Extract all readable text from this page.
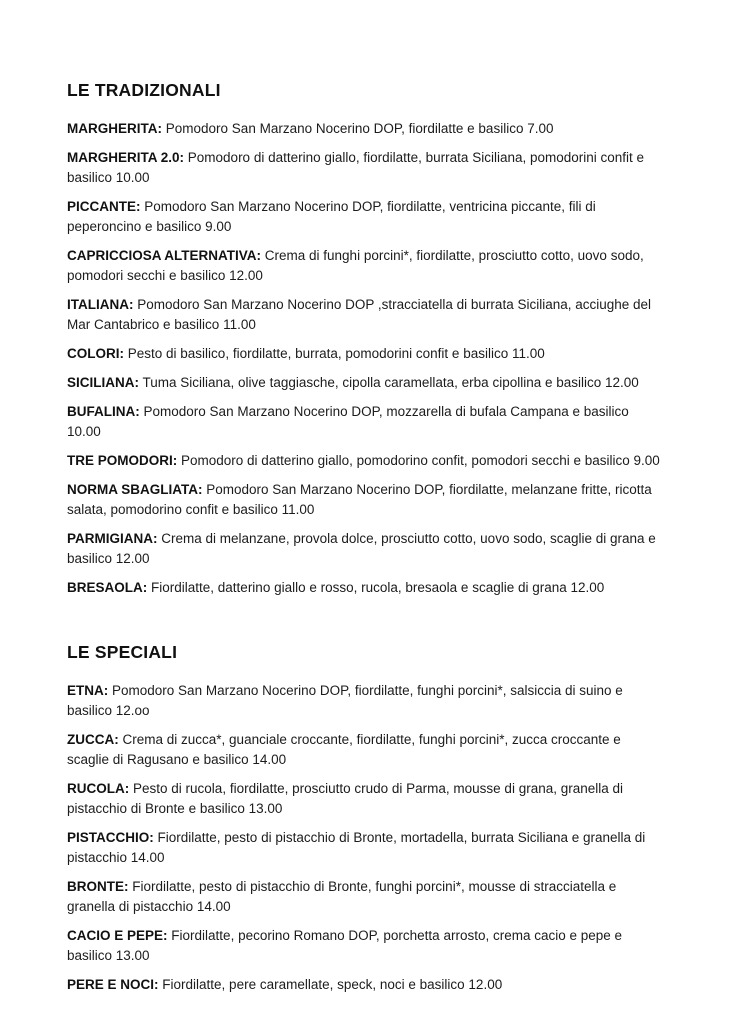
LE TRADIZIONALI

MARGHERITA: Pomodoro San Marzano Nocerino DOP, fiordilatte e basilico 7.00

MARGHERITA 2.0: Pomodoro di datterino giallo, fiordilatte, burrata Siciliana, pomodorini confit e basilico 10.00

PICCANTE: Pomodoro San Marzano Nocerino DOP, fiordilatte, ventricina piccante, fili di peperoncino e basilico 9.00

CAPRICCIOSA ALTERNATIVA: Crema di funghi porcini*, fiordilatte, prosciutto cotto, uovo sodo, pomodori secchi e basilico 12.00

ITALIANA: Pomodoro San Marzano Nocerino DOP ,stracciatella di burrata Siciliana, acciughe del Mar Cantabrico e basilico 11.00

COLORI: Pesto di basilico, fiordilatte, burrata, pomodorini confit e basilico 11.00

SICILIANA: Tuma Siciliana, olive taggiasche, cipolla caramellata, erba cipollina e basilico 12.00

BUFALINA: Pomodoro San Marzano Nocerino DOP, mozzarella di bufala Campana e basilico 10.00

TRE POMODORI: Pomodoro di datterino giallo, pomodorino confit, pomodori secchi e basilico 9.00

NORMA SBAGLIATA: Pomodoro San Marzano Nocerino DOP, fiordilatte, melanzane fritte, ricotta salata, pomodorino confit e basilico 11.00

PARMIGIANA: Crema di melanzane, provola dolce, prosciutto cotto, uovo sodo, scaglie di grana e basilico 12.00

BRESAOLA: Fiordilatte, datterino giallo e rosso, rucola, bresaola e scaglie di grana 12.00

LE SPECIALI

ETNA: Pomodoro San Marzano Nocerino DOP, fiordilatte, funghi porcini*, salsiccia di suino e basilico 12.oo

ZUCCA: Crema di zucca*, guanciale croccante, fiordilatte, funghi porcini*, zucca croccante e scaglie di Ragusano e basilico 14.00

RUCOLA: Pesto di rucola, fiordilatte, prosciutto crudo di Parma, mousse di grana, granella di pistacchio di Bronte e basilico 13.00

PISTACCHIO: Fiordilatte, pesto di pistacchio di Bronte, mortadella, burrata Siciliana e granella di pistacchio 14.00

BRONTE: Fiordilatte, pesto di pistacchio di Bronte, funghi porcini*, mousse di stracciatella e granella di pistacchio 14.00

CACIO E PEPE: Fiordilatte, pecorino Romano DOP, porchetta arrosto, crema cacio e pepe e basilico 13.00

PERE E NOCI: Fiordilatte, pere caramellate, speck, noci e basilico 12.00
